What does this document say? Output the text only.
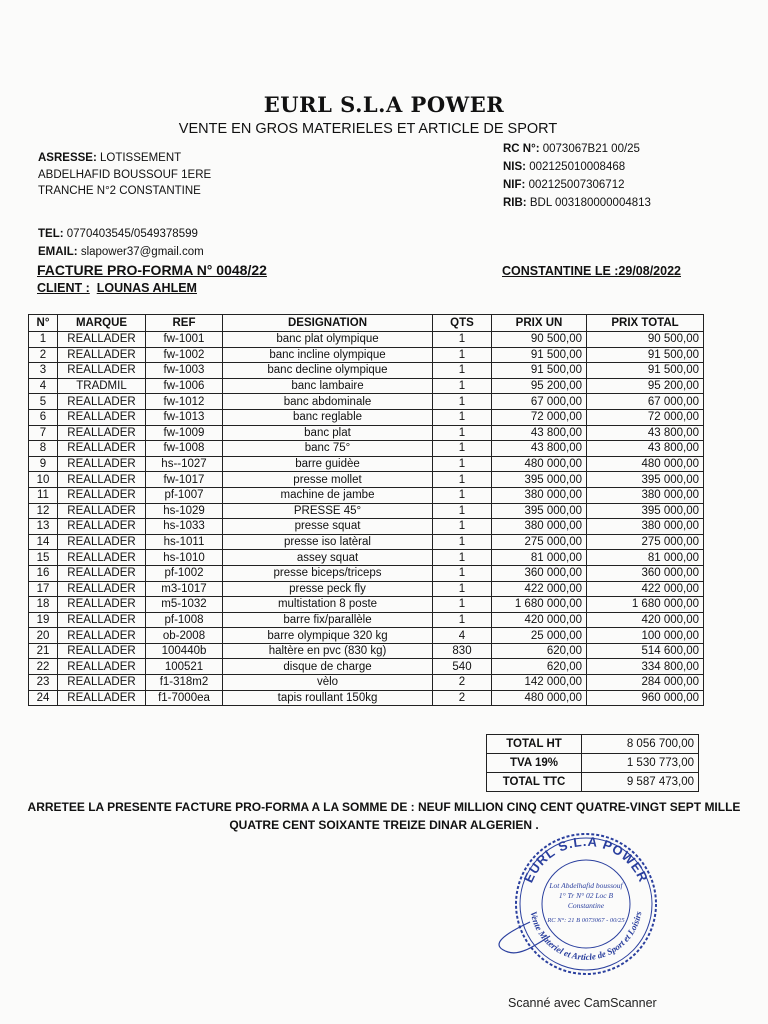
EURL S.L.A POWER
VENTE EN GROS MATERIELES ET ARTICLE DE SPORT
ASRESSE: LOTISSEMENT
ABDELHAFID BOUSSOUF 1ERE
TRANCHE N°2 CONSTANTINE
RC N°: 0073067B21 00/25
NIS: 002125010008468
NIF: 002125007306712
RIB: BDL 003180000004813
TEL: 0770403545/0549378599
EMAIL: slapower37@gmail.com
FACTURE PRO-FORMA N° 0048/22	CONSTANTINE LE :29/08/2022
CLIENT : LOUNAS AHLEM
N°	MARQUE	REF	DESIGNATION	QTS	PRIX UN	PRIX TOTAL
1	REALLADER	fw-1001	banc plat olympique	1	90 500,00	90 500,00
2	REALLADER	fw-1002	banc incline olympique	1	91 500,00	91 500,00
3	REALLADER	fw-1003	banc decline olympique	1	91 500,00	91 500,00
4	TRADMIL	fw-1006	banc lambaire	1	95 200,00	95 200,00
5	REALLADER	fw-1012	banc abdominale	1	67 000,00	67 000,00
6	REALLADER	fw-1013	banc reglable	1	72 000,00	72 000,00
7	REALLADER	fw-1009	banc plat	1	43 800,00	43 800,00
8	REALLADER	fw-1008	banc 75°	1	43 800,00	43 800,00
9	REALLADER	hs--1027	barre guidèe	1	480 000,00	480 000,00
10	REALLADER	fw-1017	presse mollet	1	395 000,00	395 000,00
11	REALLADER	pf-1007	machine de jambe	1	380 000,00	380 000,00
12	REALLADER	hs-1029	PRESSE 45°	1	395 000,00	395 000,00
13	REALLADER	hs-1033	presse squat	1	380 000,00	380 000,00
14	REALLADER	hs-1011	presse iso latèral	1	275 000,00	275 000,00
15	REALLADER	hs-1010	assey squat	1	81 000,00	81 000,00
16	REALLADER	pf-1002	presse biceps/triceps	1	360 000,00	360 000,00
17	REALLADER	m3-1017	presse peck fly	1	422 000,00	422 000,00
18	REALLADER	m5-1032	multistation 8 poste	1	1 680 000,00	1 680 000,00
19	REALLADER	pf-1008	barre fix/parallèle	1	420 000,00	420 000,00
20	REALLADER	ob-2008	barre olympique 320 kg	4	25 000,00	100 000,00
21	REALLADER	100440b	haltère en pvc (830 kg)	830	620,00	514 600,00
22	REALLADER	100521	disque de charge	540	620,00	334 800,00
23	REALLADER	f1-318m2	vèlo	2	142 000,00	284 000,00
24	REALLADER	f1-7000ea	tapis roullant 150kg	2	480 000,00	960 000,00
TOTAL HT	8 056 700,00
TVA 19%	1 530 773,00
TOTAL TTC	9 587 473,00
ARRETEE LA PRESENTE FACTURE PRO-FORMA A LA SOMME DE : NEUF MILLION CINQ CENT QUATRE-VINGT SEPT MILLE
QUATRE CENT SOIXANTE TREIZE DINAR ALGERIEN .
EURL S.L.A POWER
Vente Materiel et Article de Sport et Loisirs
Lot Abdelhafid boussouf
1° Tr N° 02 Loc B
Constantine
RC N°: 21 B 0073067 - 00/25
Scanné avec CamScanner
